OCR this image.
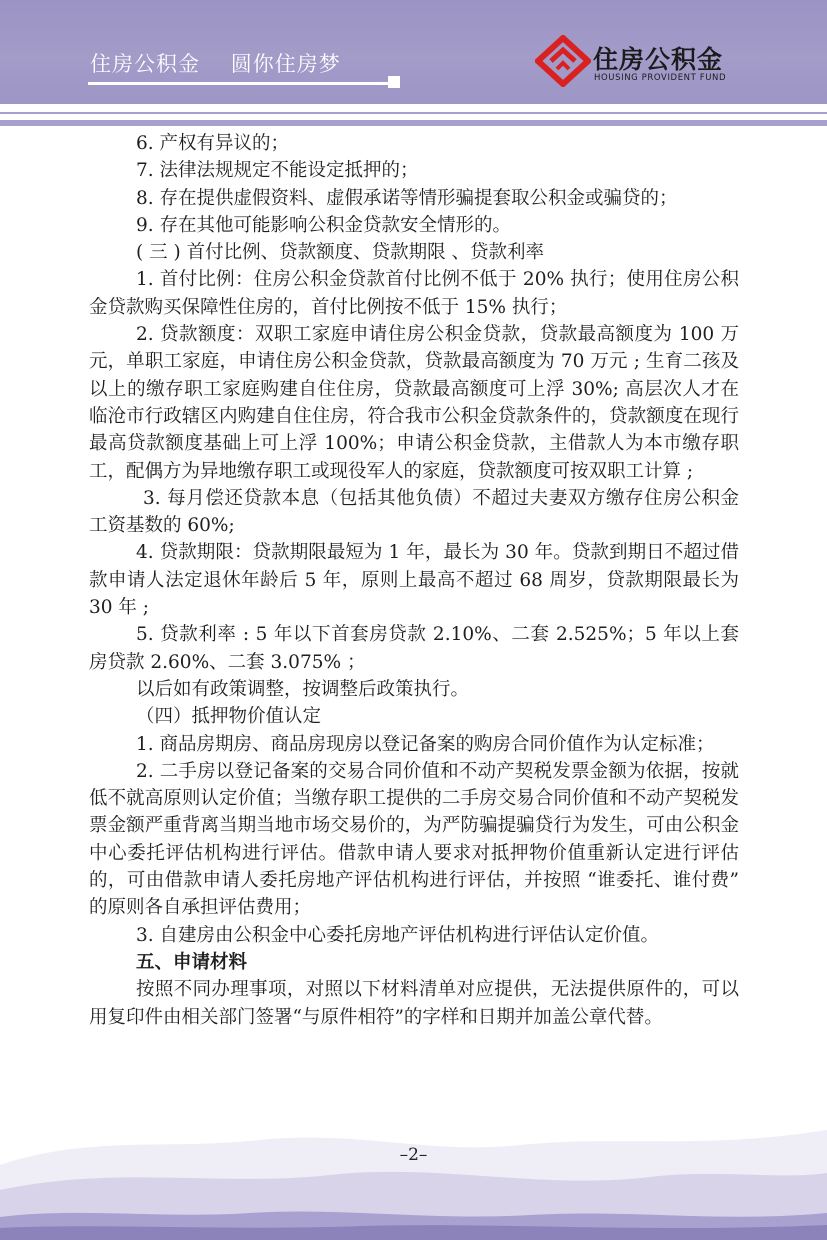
住房公积金    圆你住房梦	住房公积金
HOUSING PROVIDENT FUND

6. 产权有异议的；

7. 法律法规规定不能设定抵押的；

8. 存在提供虚假资料、虚假承诺等情形骗提套取公积金或骗贷的；

9. 存在其他可能影响公积金贷款安全情形的。

( 三 ) 首付比例、贷款额度、贷款期限 、贷款利率

1. 首付比例：住房公积金贷款首付比例不低于 20% 执行；使用住房公积金贷款购买保障性住房的，首付比例按不低于 15% 执行；

2. 贷款额度：双职工家庭申请住房公积金贷款，贷款最高额度为 100 万元，单职工家庭，申请住房公积金贷款，贷款最高额度为 70 万元 ; 生育二孩及以上的缴存职工家庭购建自住住房，贷款最高额度可上浮 30%; 高层次人才在临沧市行政辖区内购建自住住房，符合我市公积金贷款条件的，贷款额度在现行最高贷款额度基础上可上浮 100%；申请公积金贷款，主借款人为本市缴存职工，配偶方为异地缴存职工或现役军人的家庭，贷款额度可按双职工计算 ;

3. 每月偿还贷款本息（包括其他负债）不超过夫妻双方缴存住房公积金工资基数的 60%;

4. 贷款期限：贷款期限最短为 1 年，最长为 30 年。贷款到期日不超过借款申请人法定退休年龄后 5 年，原则上最高不超过 68 周岁，贷款期限最长为 30 年 ;

5. 贷款利率 : 5 年以下首套房贷款 2.10%、二套 2.525%；5 年以上套房贷款 2.60%、二套 3.075% ；

以后如有政策调整，按调整后政策执行。

（四）抵押物价值认定

1. 商品房期房、商品房现房以登记备案的购房合同价值作为认定标准；

2. 二手房以登记备案的交易合同价值和不动产契税发票金额为依据，按就低不就高原则认定价值；当缴存职工提供的二手房交易合同价值和不动产契税发票金额严重背离当期当地市场交易价的，为严防骗提骗贷行为发生，可由公积金中心委托评估机构进行评估。借款申请人要求对抵押物价值重新认定进行评估的，可由借款申请人委托房地产评估机构进行评估，并按照 “谁委托、谁付费” 的原则各自承担评估费用；

3. 自建房由公积金中心委托房地产评估机构进行评估认定价值。

五、申请材料

按照不同办理事项，对照以下材料清单对应提供，无法提供原件的，可以用复印件由相关部门签署“与原件相符”的字样和日期并加盖公章代替。

–2–
